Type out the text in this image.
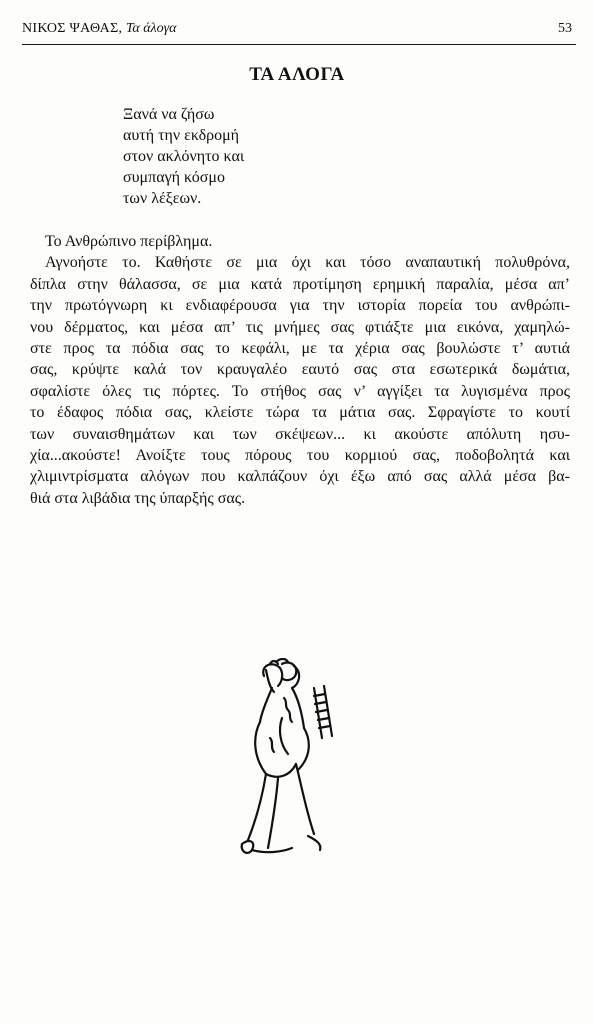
ΝΙΚΟΣ ΨΑΘΑΣ, Τα άλογα	53
ΤΑ ΑΛΟΓΑ
Ξανά να ζήσω
αυτή την εκδρομή
στον ακλόνητο και
συμπαγή κόσμο
των λέξεων.
Το Ανθρώπινο περίβλημα.
Αγνοήστε το. Καθήστε σε μια όχι και τόσο αναπαυτική πολυθρόνα,
δίπλα στην θάλασσα, σε μια κατά προτίμηση ερημική παραλία, μέσα απ’
την πρωτόγνωρη κι ενδιαφέρουσα για την ιστορία πορεία του ανθρώπι-
νου δέρματος, και μέσα απ’ τις μνήμες σας φτιάξτε μια εικόνα, χαμηλώ-
στε προς τα πόδια σας το κεφάλι, με τα χέρια σας βουλώστε τ’ αυτιά
σας, κρύψτε καλά τον κραυγαλέο εαυτό σας στα εσωτερικά δωμάτια,
σφαλίστε όλες τις πόρτες. Το στήθος σας ν’ αγγίξει τα λυγισμένα προς
το έδαφος πόδια σας, κλείστε τώρα τα μάτια σας. Σφραγίστε το κουτί
των συναισθημάτων και των σκέψεων... κι ακούστε απόλυτη ησυ-
χία...ακούστε! Ανοίξτε τους πόρους του κορμιού σας, ποδοβολητά και
χλιμιντρίσματα αλόγων που καλπάζουν όχι έξω από σας αλλά μέσα βα-
θιά στα λιβάδια της ύπαρξής σας.
